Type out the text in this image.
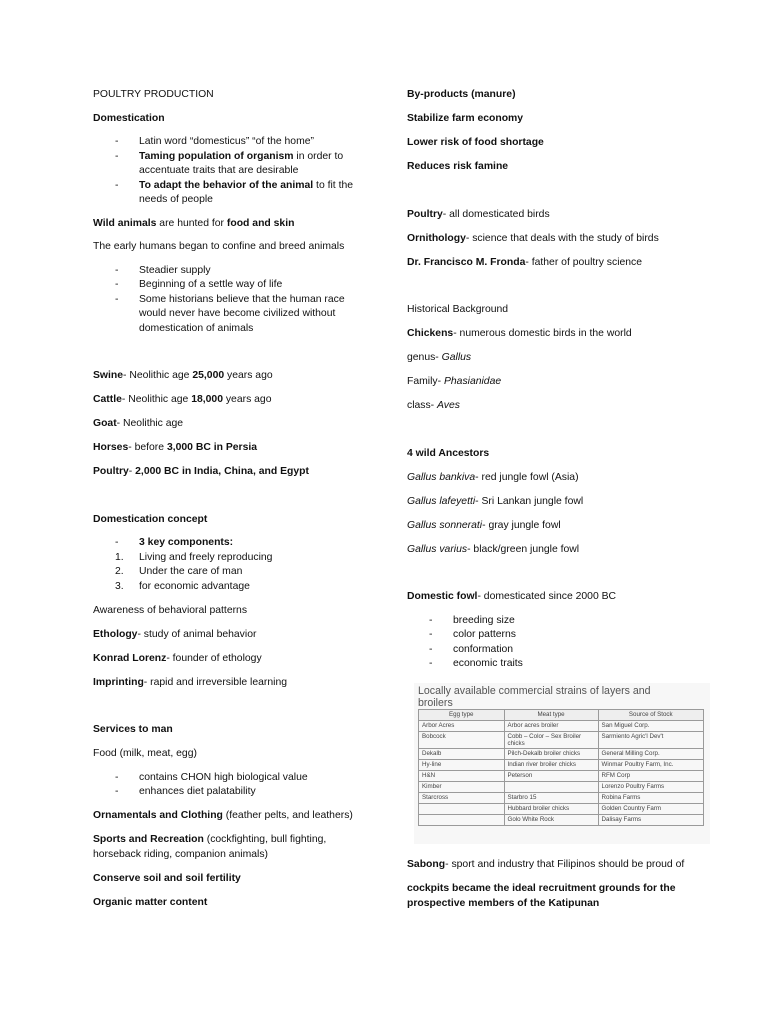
POULTRY PRODUCTION

Domestication

- Latin word “domesticus” “of the home”
- Taming population of organism in order to accentuate traits that are desirable
- To adapt the behavior of the animal to fit the needs of people

Wild animals are hunted for food and skin

The early humans began to confine and breed animals

- Steadier supply
- Beginning of a settle way of life
- Some historians believe that the human race would never have become civilized without domestication of animals

Swine- Neolithic age 25,000 years ago

Cattle- Neolithic age 18,000 years ago

Goat- Neolithic age

Horses- before 3,000 BC in Persia

Poultry- 2,000 BC in India, China, and Egypt

Domestication concept

- 3 key components:
1. Living and freely reproducing
2. Under the care of man
3. for economic advantage

Awareness of behavioral patterns

Ethology- study of animal behavior

Konrad Lorenz- founder of ethology

Imprinting- rapid and irreversible learning

Services to man

Food (milk, meat, egg)

- contains CHON high biological value
- enhances diet palatability

Ornamentals and Clothing (feather pelts, and leathers)

Sports and Recreation (cockfighting, bull fighting, horseback riding, companion animals)

Conserve soil and soil fertility

Organic matter content

By-products (manure)

Stabilize farm economy

Lower risk of food shortage

Reduces risk famine

Poultry- all domesticated birds

Ornithology- science that deals with the study of birds

Dr. Francisco M. Fronda- father of poultry science

Historical Background

Chickens- numerous domestic birds in the world

genus- Gallus

Family- Phasianidae

class- Aves

4 wild Ancestors

Gallus bankiva- red jungle fowl (Asia)

Gallus lafeyetti- Sri Lankan jungle fowl

Gallus sonnerati- gray jungle fowl

Gallus varius- black/green jungle fowl

Domestic fowl- domesticated since 2000 BC

- breeding size
- color patterns
- conformation
- economic traits
Locally available commercial strains of layers and
broilers
Egg type	Meat type	Source of Stock
Arbor Acres	Arbor acres broiler	San Miguel Corp.
Bobcock	Cobb – Color – Sex Broiler chicks	Sarmiento Agric'l Dev't
Dekalb	Pilch-Dekalb broiler chicks	General Milling Corp.
Hy-line	Indian river broiler chicks	Winmar Poultry Farm, Inc.
H&N	Peterson	RFM Corp
Kimber		Lorenzo Poultry Farms
Starcross	Starbro 15	Robina Farms
	Hubbard broiler chicks	Golden Country Farm
	Golo White Rock	Dalisay Farms

Sabong- sport and industry that Filipinos should be proud of

cockpits became the ideal recruitment grounds for the prospective members of the Katipunan
